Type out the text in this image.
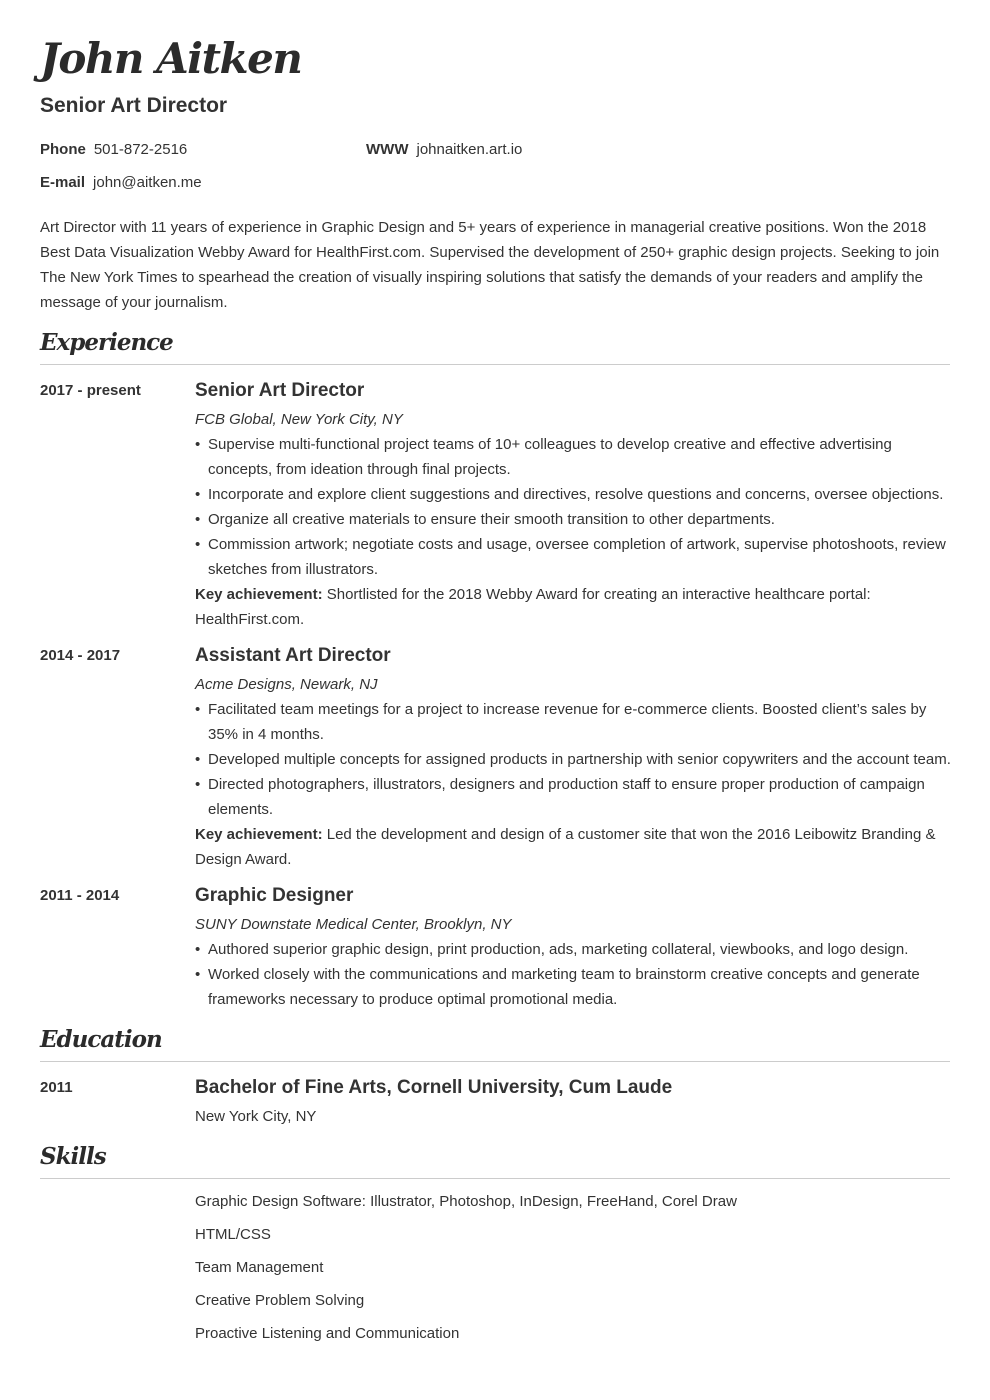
John Aitken
Senior Art Director
Phone 501-872-2516	WWW johnaitken.art.io
E-mail john@aitken.me

Art Director with 11 years of experience in Graphic Design and 5+ years of experience in managerial creative positions. Won the 2018 Best Data Visualization Webby Award for HealthFirst.com. Supervised the development of 250+ graphic design projects. Seeking to join The New York Times to spearhead the creation of visually inspiring solutions that satisfy the demands of your readers and amplify the message of your journalism.

Experience
2017 - present	Senior Art Director

FCB Global, New York City, NY

• Supervise multi-functional project teams of 10+ colleagues to develop creative and effective advertising concepts, from ideation through final projects.
• Incorporate and explore client suggestions and directives, resolve questions and concerns, oversee objections.
• Organize all creative materials to ensure their smooth transition to other departments.
• Commission artwork; negotiate costs and usage, oversee completion of artwork, supervise photoshoots, review sketches from illustrators.

Key achievement: Shortlisted for the 2018 Webby Award for creating an interactive healthcare portal: HealthFirst.com.

2014 - 2017	Assistant Art Director

Acme Designs, Newark, NJ

• Facilitated team meetings for a project to increase revenue for e-commerce clients. Boosted client’s sales by 35% in 4 months.
• Developed multiple concepts for assigned products in partnership with senior copywriters and the account team.
• Directed photographers, illustrators, designers and production staff to ensure proper production of campaign elements.

Key achievement: Led the development and design of a customer site that won the 2016 Leibowitz Branding & Design Award.

2011 - 2014	Graphic Designer

SUNY Downstate Medical Center, Brooklyn, NY

• Authored superior graphic design, print production, ads, marketing collateral, viewbooks, and logo design.
• Worked closely with the communications and marketing team to brainstorm creative concepts and generate frameworks necessary to produce optimal promotional media.
Education
2011	Bachelor of Fine Arts, Cornell University, Cum Laude

New York City, NY

Skills
Graphic Design Software: Illustrator, Photoshop, InDesign, FreeHand, Corel Draw
HTML/CSS
Team Management
Creative Problem Solving
Proactive Listening and Communication
